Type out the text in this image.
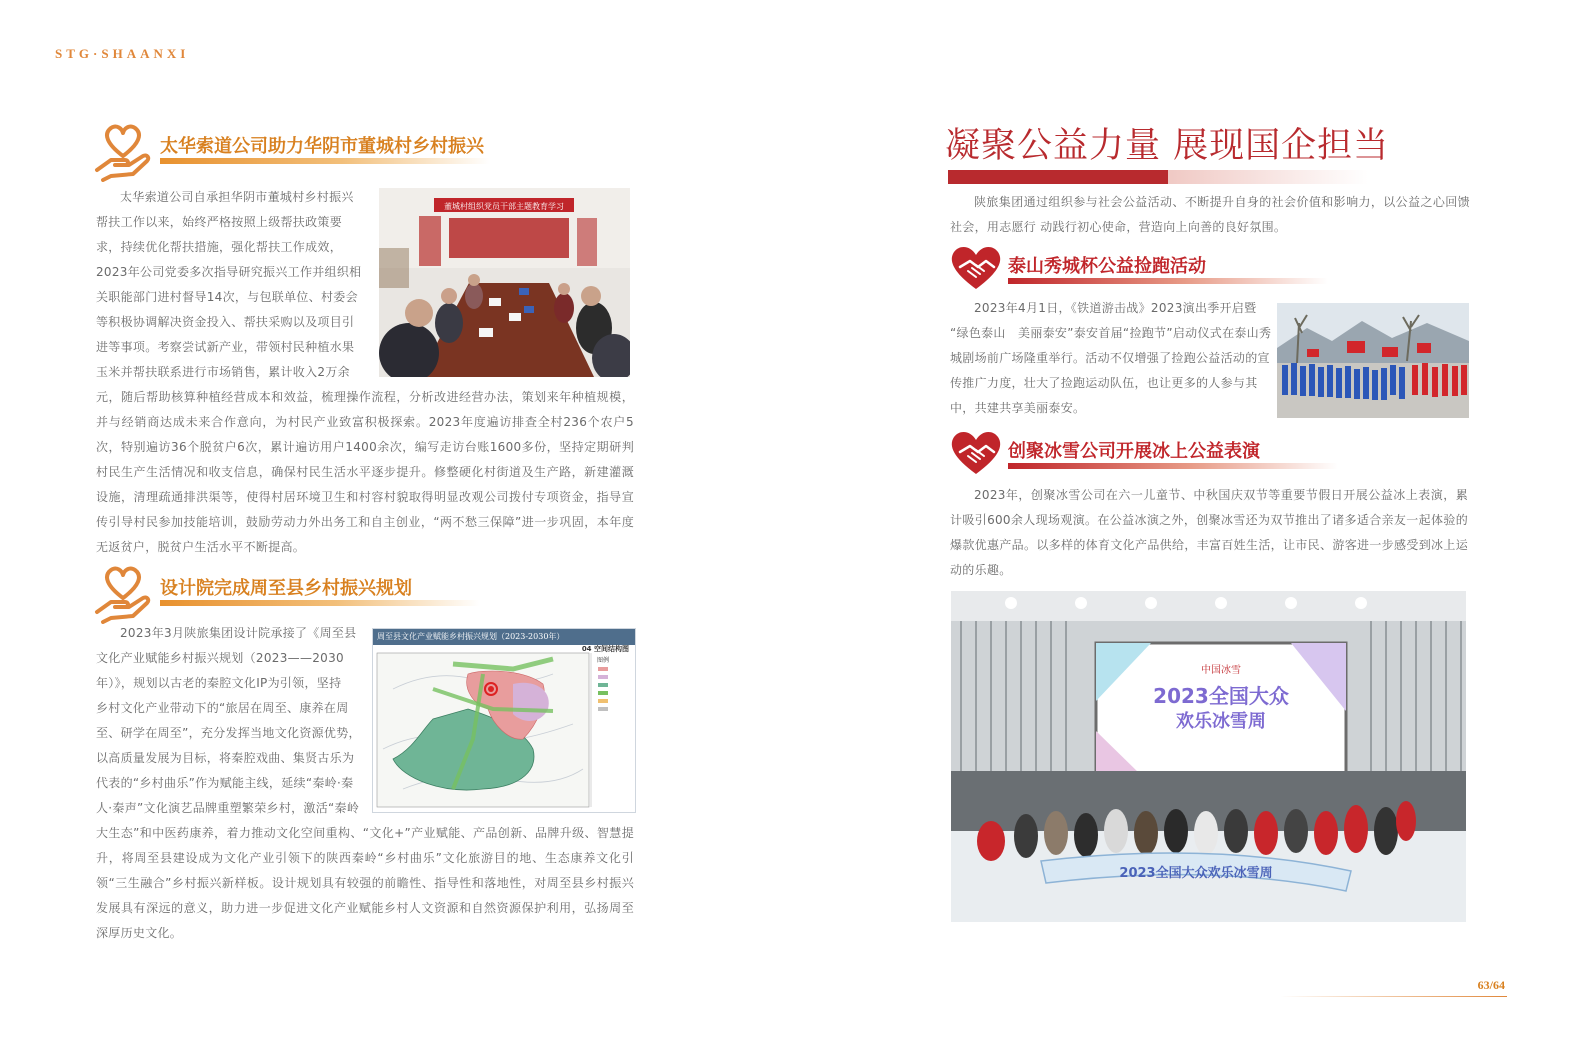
STG·SHAANXI
太华索道公司助力华阴市董城村乡村振兴
董城村组织党员干部主题教育学习
太华索道公司自承担华阴市董城村乡村振兴
帮扶工作以来，始终严格按照上级帮扶政策要
求，持续优化帮扶措施，强化帮扶工作成效，
2023年公司党委多次指导研究振兴工作并组织相
关职能部门进村督导14次，与包联单位、村委会
等积极协调解决资金投入、帮扶采购以及项目引
进等事项。考察尝试新产业，带领村民种植水果
玉米并帮扶联系进行市场销售，累计收入2万余
元，随后帮助核算种植经营成本和效益，梳理操作流程，分析改进经营办法，策划来年种植规模，并与经销商达成未来合作意向，为村民产业致富积极探索。2023年度遍访排查全村236个农户5次，特别遍访36个脱贫户6次，累计遍访用户1400余次，编写走访台账1600多份，坚持定期研判村民生产生活情况和收支信息，确保村民生活水平逐步提升。修整硬化村街道及生产路，新建灌溉设施，清理疏通排洪渠等，使得村居环境卫生和村容村貌取得明显改观公司拨付专项资金，指导宣传引导村民参加技能培训，鼓励劳动力外出务工和自主创业，“两不愁三保障”进一步巩固，本年度无返贫户，脱贫户生活水平不断提高。
设计院完成周至县乡村振兴规划
周至县文化产业赋能乡村振兴规划（2023-2030年）
04 空间结构图
图例
2023年3月陕旅集团设计院承接了《周至县
文化产业赋能乡村振兴规划（2023——2030
年）》，规划以古老的秦腔文化IP为引领，坚持
乡村文化产业带动下的“旅居在周至、康养在周
至、研学在周至”，充分发挥当地文化资源优势，
以高质量发展为目标，将秦腔戏曲、集贤古乐为
代表的“乡村曲乐”作为赋能主线，延续“秦岭·秦
人·秦声”文化演艺品牌重塑繁荣乡村，激活“秦岭
大生态”和中医药康养，着力推动文化空间重构、“文化+”产业赋能、产品创新、品牌升级、智慧提升，将周至县建设成为文化产业引领下的陕西秦岭“乡村曲乐”文化旅游目的地、生态康养文化引领“三生融合”乡村振兴新样板。设计规划具有较强的前瞻性、指导性和落地性，对周至县乡村振兴发展具有深远的意义，助力进一步促进文化产业赋能乡村人文资源和自然资源保护利用，弘扬周至深厚历史文化。
凝聚公益力量 展现国企担当

陕旅集团通过组织参与社会公益活动、不断提升自身的社会价值和影响力，以公益之心回馈社会，用志愿行 动践行初心使命，营造向上向善的良好氛围。

泰山秀城杯公益捡跑活动
2023年4月1日，《铁道游击战》2023演出季开启暨
“绿色泰山　美丽泰安”泰安首届“捡跑节”启动仪式在泰山秀
城剧场前广场隆重举行。活动不仅增强了捡跑公益活动的宣
传推广力度，壮大了捡跑运动队伍，也让更多的人参与其
中，共建共享美丽泰安。
创聚冰雪公司开展冰上公益表演

2023年，创聚冰雪公司在六一儿童节、中秋国庆双节等重要节假日开展公益冰上表演，累计吸引600余人现场观演。在公益冰演之外，创聚冰雪还为双节推出了诸多适合亲友一起体验的爆款优惠产品。以多样的体育文化产品供给，丰富百姓生活，让市民、游客进一步感受到冰上运动的乐趣。

中国冰雪
2023全国大众
欢乐冰雪周
2023全国大众欢乐冰雪周
63/64
